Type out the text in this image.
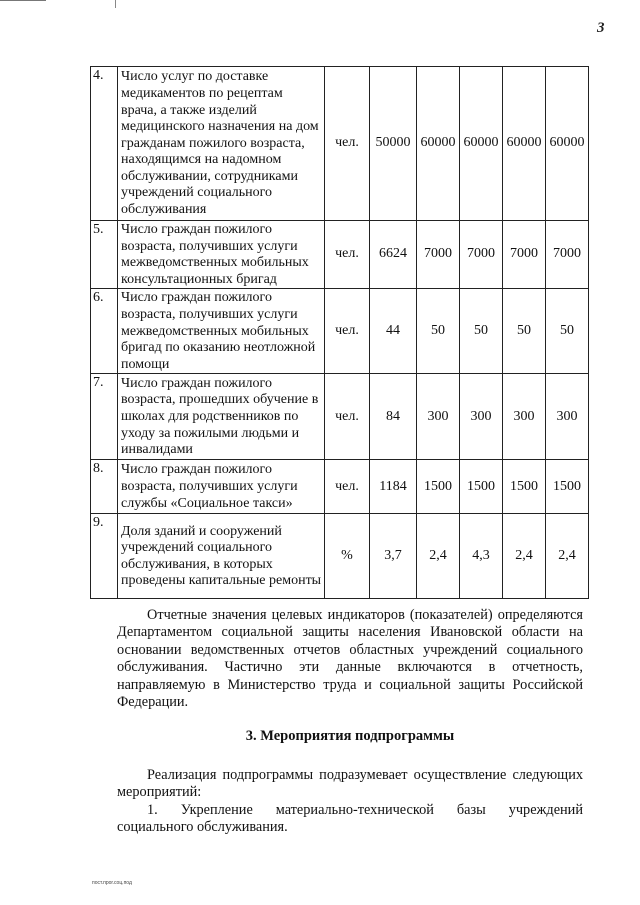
3
4.	Число услуг по доставке медикаментов по рецептам врача, а также изделий медицинского назначения на дом гражданам пожилого возраста, находящимся на надомном обслуживании, сотрудниками учреждений социального обслуживания	чел.	50000	60000	60000	60000	60000
5.	Число граждан пожилого возраста, получивших услуги межведомственных мобильных консультационных бригад	чел.	6624	7000	7000	7000	7000
6.	Число граждан пожилого возраста, получивших услуги межведомственных мобильных бригад по оказанию неотложной помощи	чел.	44	50	50	50	50
7.	Число граждан пожилого возраста, прошедших обучение в школах для родственников по уходу за пожилыми людьми и инвалидами	чел.	84	300	300	300	300
8.	Число граждан пожилого возраста, получивших услуги службы «Социальное такси»	чел.	1184	1500	1500	1500	1500
9.	Доля зданий и сооружений учреждений социального обслуживания, в которых проведены капитальные ремонты	%	3,7	2,4	4,3	2,4	2,4

Отчетные значения целевых индикаторов (показателей) определяются Департаментом социальной защиты населения Ивановской области на основании ведомственных отчетов областных учреждений социального обслуживания. Частично эти данные включаются в отчетность, направляемую в Министерство труда и социальной защиты Российской Федерации.

3. Мероприятия подпрограммы

Реализация подпрограммы подразумевает осуществление следующих мероприятий:

1. Укрепление материально-технической базы учреждений социального обслуживания.

пост.прог.соц.под
